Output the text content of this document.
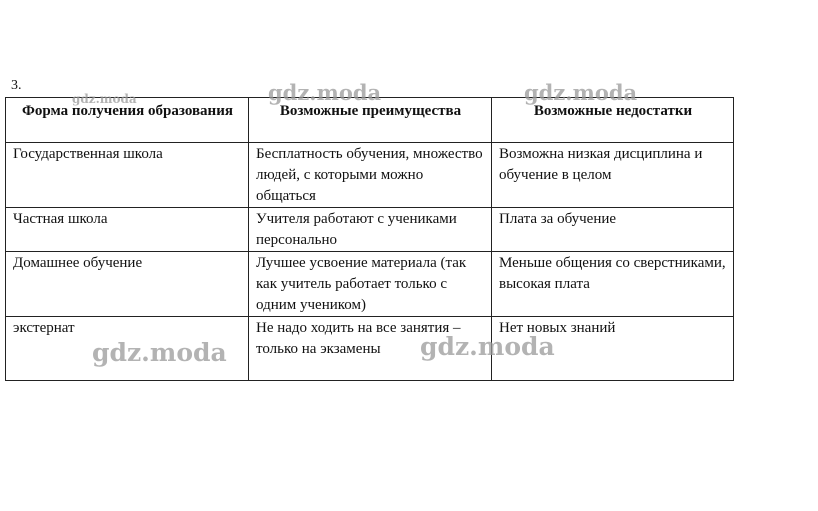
3.
Форма получения образования	Возможные преимущества	Возможные недостатки
Государственная школа	Бесплатность обучения, множество людей, с которыми можно общаться	Возможна низкая дисциплина и обучение в целом
Частная школа	Учителя работают с учениками персонально	Плата за обучение
Домашнее обучение	Лучшее усвоение материала (так как учитель работает только с одним учеником)	Меньше общения со сверстниками, высокая плата
экстернат	Не надо ходить на все занятия – только на экзамены	Нет новых знаний
gdz.moda	gdz.moda	gdz.moda
gdz.moda	gdz.moda
